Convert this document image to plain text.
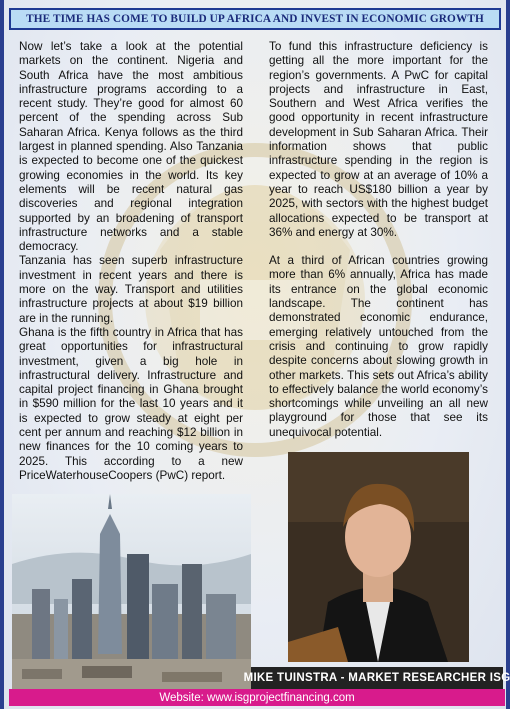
THE TIME HAS COME TO BUILD UP AFRICA AND INVEST IN ECONOMIC GROWTH

Now let’s take a look at the potential markets on the continent. Nigeria and South Africa have the most ambitious infrastructure programs according to a recent study. They’re good for almost 60 percent of the spending across Sub Saharan Africa. Kenya follows as the third largest in planned spending. Also Tanzania is expected to become one of the quickest growing economies in the world. Its key elements will be recent natural gas discoveries and regional integration supported by an broadening of transport infrastructure networks and a stable democracy.

Tanzania has seen superb infrastructure investment in recent years and there is more on the way. Transport and utilities infrastructure projects at about $19 billion are in the running.

Ghana is the fifth country in Africa that has great opportunities for infrastructural investment, given a big hole in infrastructural delivery. Infrastructure and capital project financing in Ghana brought in $590 million for the last 10 years and it is expected to grow steady at eight per cent per annum and reaching $12 billion in new finances for the 10 coming years to 2025. This according to a new PriceWaterhouseCoopers (PwC) report.

To fund this infrastructure deficiency is getting all the more important for the region’s governments. A PwC for capital projects and infrastructure in East, Southern and West Africa verifies the good opportunity in recent infrastructure development in Sub Saharan Africa. Their information shows that public infrastructure spending in the region is expected to grow at an average of 10% a year to reach US$180 billion a year by 2025, with sectors with the highest budget allocations expected to be transport at 36% and energy at 30%.

At a third of African countries growing more than 6% annually, Africa has made its entrance on the global economic landscape. The continent has demonstrated economic endurance, emerging relatively untouched from the crisis and continuing to grow rapidly despite concerns about slowing growth in other markets. This sets out Africa’s ability to effectively balance the world economy’s shortcomings while unveiling an all new playground for those that see its unequivocal potential.

MIKE TUINSTRA - MARKET RESEARCHER ISG
Website: www.isgprojectfinancing.com
